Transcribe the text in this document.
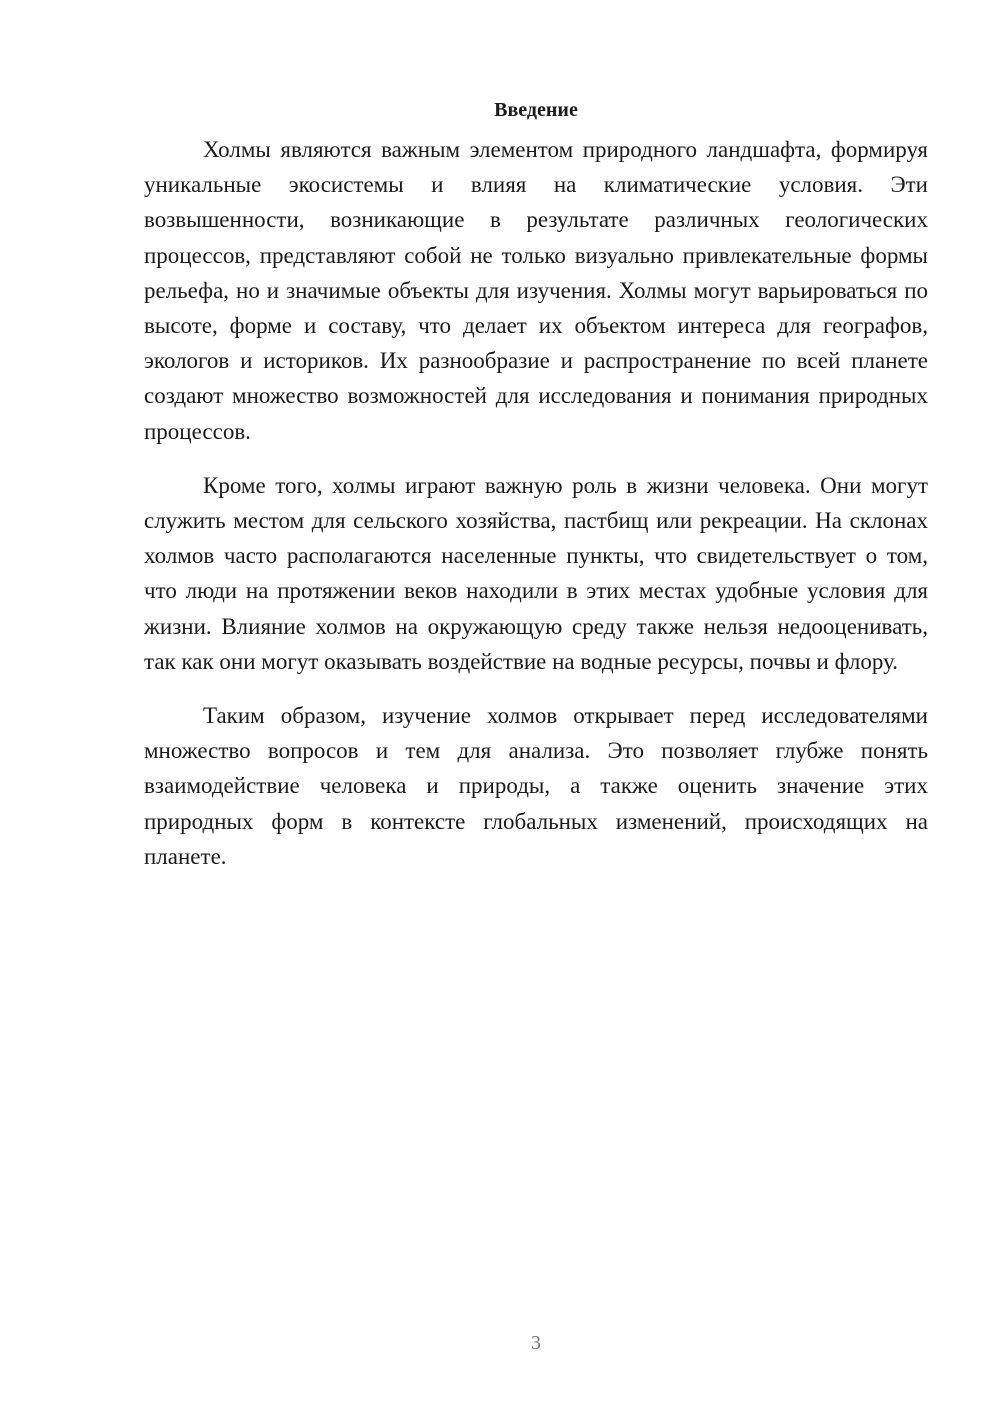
Введение

Холмы являются важным элементом природного ландшафта, формируя уникальные экосистемы и влияя на климатические условия. Эти возвышенности, возникающие в результате различных геологических процессов, представляют собой не только визуально привлекательные формы рельефа, но и значимые объекты для изучения. Холмы могут варьироваться по высоте, форме и составу, что делает их объектом интереса для географов, экологов и историков. Их разнообразие и распространение по всей планете создают множество возможностей для исследования и понимания природных процессов.

Кроме того, холмы играют важную роль в жизни человека. Они могут служить местом для сельского хозяйства, пастбищ или рекреации. На склонах холмов часто располагаются населенные пункты, что свидетельствует о том, что люди на протяжении веков находили в этих местах удобные условия для жизни. Влияние холмов на окружающую среду также нельзя недооценивать, так как они могут оказывать воздействие на водные ресурсы, почвы и флору.

Таким образом, изучение холмов открывает перед исследователями множество вопросов и тем для анализа. Это позволяет глубже понять взаимодействие человека и природы, а также оценить значение этих природных форм в контексте глобальных изменений, происходящих на планете.

3
